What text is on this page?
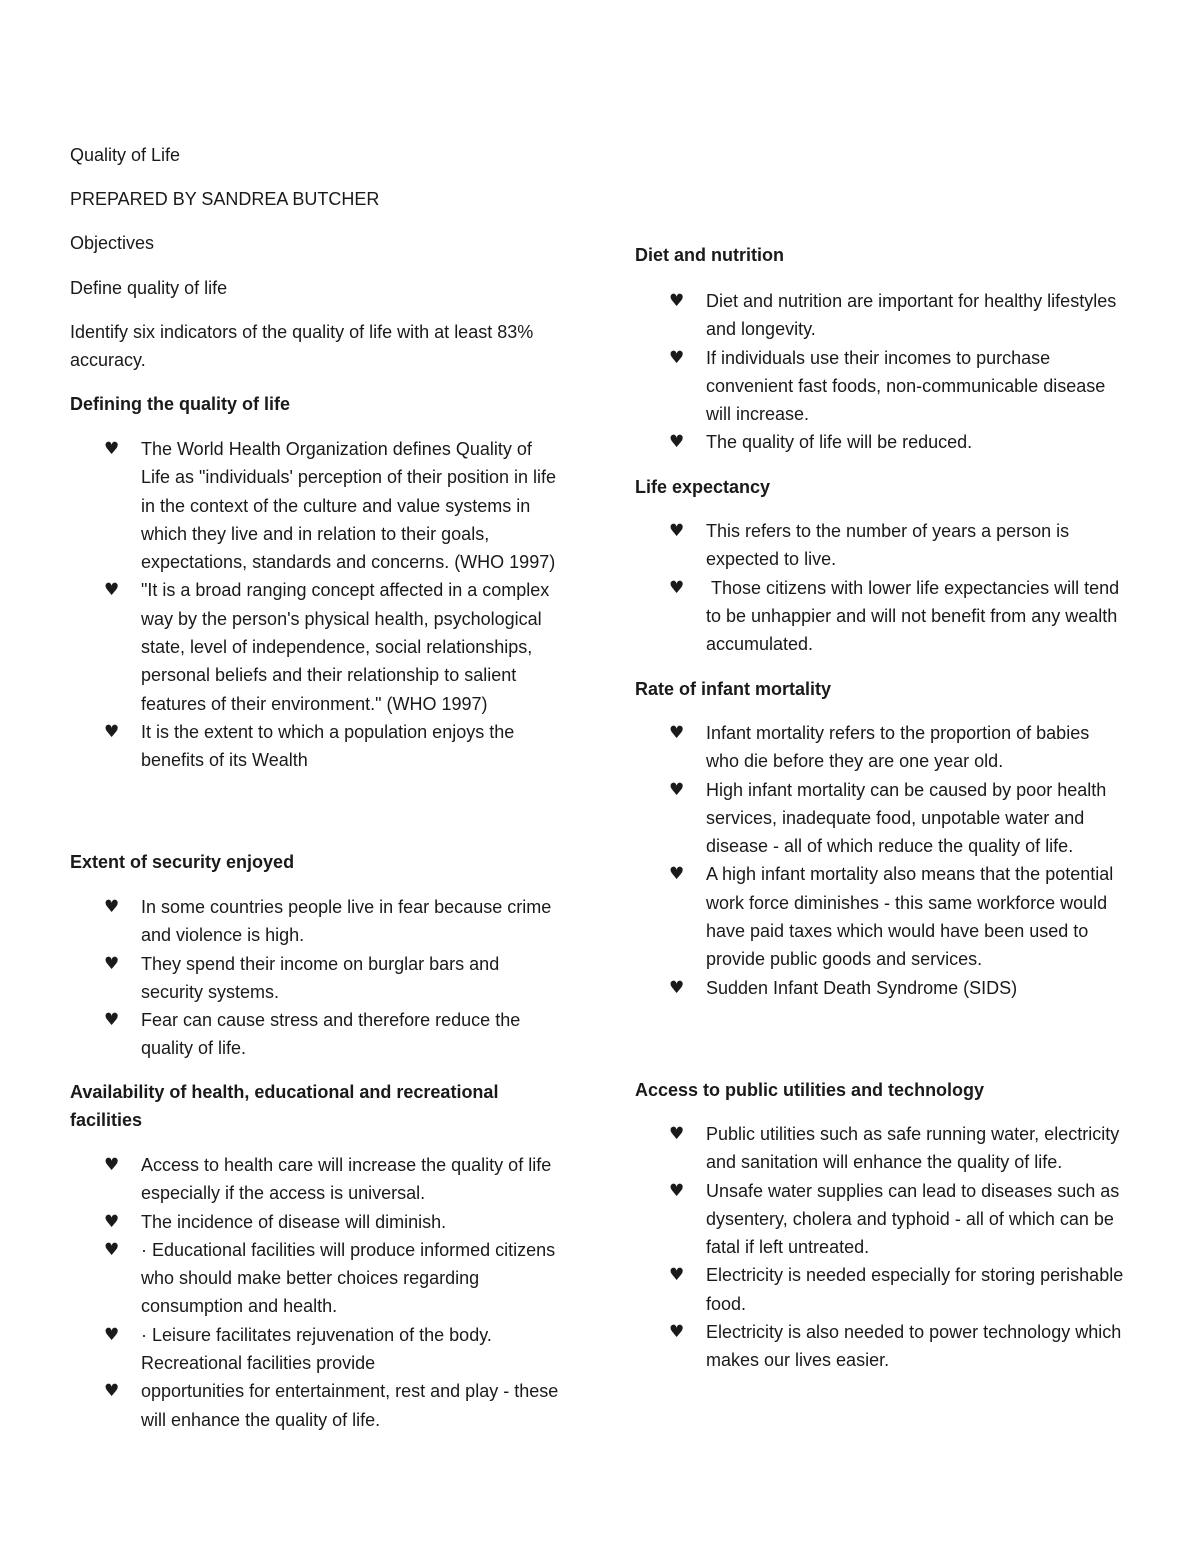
Quality of Life

PREPARED BY SANDREA BUTCHER

Objectives

Define quality of life

Identify six indicators of the quality of life with at least 83% accuracy.

Defining the quality of life
♥ The World Health Organization defines Quality of Life as "individuals' perception of their position in life in the context of the culture and value systems in which they live and in relation to their goals, expectations, standards and concerns. (WHO 1997)
♥ "It is a broad ranging concept affected in a complex way by the person's physical health, psychological state, level of independence, social relationships, personal beliefs and their relationship to salient features of their environment." (WHO 1997)
♥ It is the extent to which a population enjoys the benefits of its Wealth
Extent of security enjoyed
♥ In some countries people live in fear because crime and violence is high.
♥ They spend their income on burglar bars and security systems.
♥ Fear can cause stress and therefore reduce the quality of life.
Availability of health, educational and recreational facilities
♥ Access to health care will increase the quality of life especially if the access is universal.
♥ The incidence of disease will diminish.
♥ · Educational facilities will produce informed citizens who should make better choices regarding consumption and health.
♥ · Leisure facilitates rejuvenation of the body. Recreational facilities provide
♥ opportunities for entertainment, rest and play - these will enhance the quality of life.
Diet and nutrition
♥ Diet and nutrition are important for healthy lifestyles and longevity.
♥ If individuals use their incomes to purchase convenient fast foods, non-communicable disease will increase.
♥ The quality of life will be reduced.
Life expectancy
♥ This refers to the number of years a person is expected to live.
♥ Those citizens with lower life expectancies will tend to be unhappier and will not benefit from any wealth accumulated.
Rate of infant mortality
♥ Infant mortality refers to the proportion of babies who die before they are one year old.
♥ High infant mortality can be caused by poor health services, inadequate food, unpotable water and disease - all of which reduce the quality of life.
♥ A high infant mortality also means that the potential work force diminishes - this same workforce would have paid taxes which would have been used to provide public goods and services.
♥ Sudden Infant Death Syndrome (SIDS)
Access to public utilities and technology
♥ Public utilities such as safe running water, electricity and sanitation will enhance the quality of life.
♥ Unsafe water supplies can lead to diseases such as dysentery, cholera and typhoid - all of which can be fatal if left untreated.
♥ Electricity is needed especially for storing perishable food.
♥ Electricity is also needed to power technology which makes our lives easier.
